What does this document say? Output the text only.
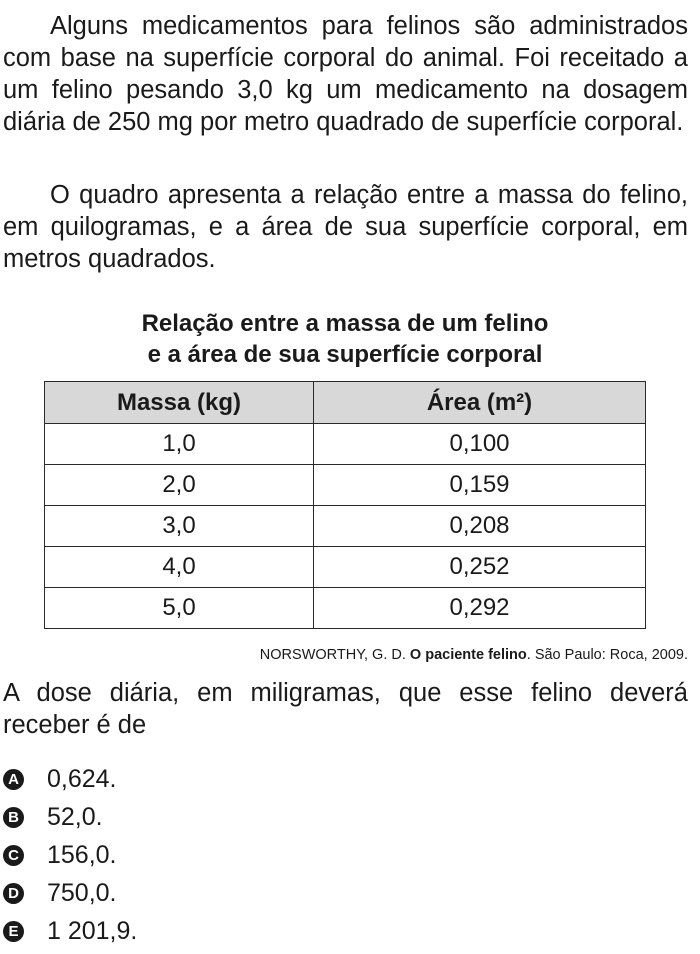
Alguns medicamentos para felinos são administrados com base na superfície corporal do animal. Foi receitado a um felino pesando 3,0 kg um medicamento na dosagem diária de 250 mg por metro quadrado de superfície corporal.

O quadro apresenta a relação entre a massa do felino, em quilogramas, e a área de sua superfície corporal, em metros quadrados.

Relação entre a massa de um felino
e a área de sua superfície corporal
Massa (kg)	Área (m²)
1,0	0,100
2,0	0,159
3,0	0,208
4,0	0,252
5,0	0,292
NORSWORTHY, G. D. O paciente felino. São Paulo: Roca, 2009.

A dose diária, em miligramas, que esse felino deverá receber é de

A 0,624.
B 52,0.
C 156,0.
D 750,0.
E 1 201,9.
